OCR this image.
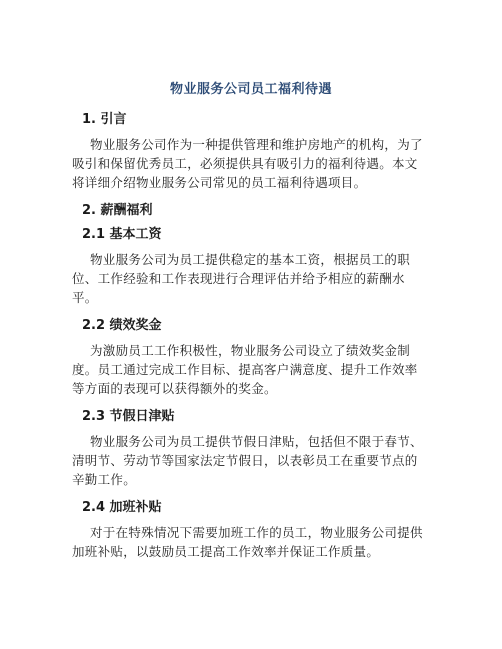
物业服务公司员工福利待遇
1. 引言
物业服务公司作为一种提供管理和维护房地产的机构，为了吸引和保留优秀员工，必须提供具有吸引力的福利待遇。本文将详细介绍物业服务公司常见的员工福利待遇项目。
2. 薪酬福利
2.1 基本工资
物业服务公司为员工提供稳定的基本工资，根据员工的职位、工作经验和工作表现进行合理评估并给予相应的薪酬水平。
2.2 绩效奖金
为激励员工工作积极性，物业服务公司设立了绩效奖金制度。员工通过完成工作目标、提高客户满意度、提升工作效率等方面的表现可以获得额外的奖金。
2.3 节假日津贴
物业服务公司为员工提供节假日津贴，包括但不限于春节、清明节、劳动节等国家法定节假日，以表彰员工在重要节点的辛勤工作。
2.4 加班补贴
对于在特殊情况下需要加班工作的员工，物业服务公司提供加班补贴，以鼓励员工提高工作效率并保证工作质量。
